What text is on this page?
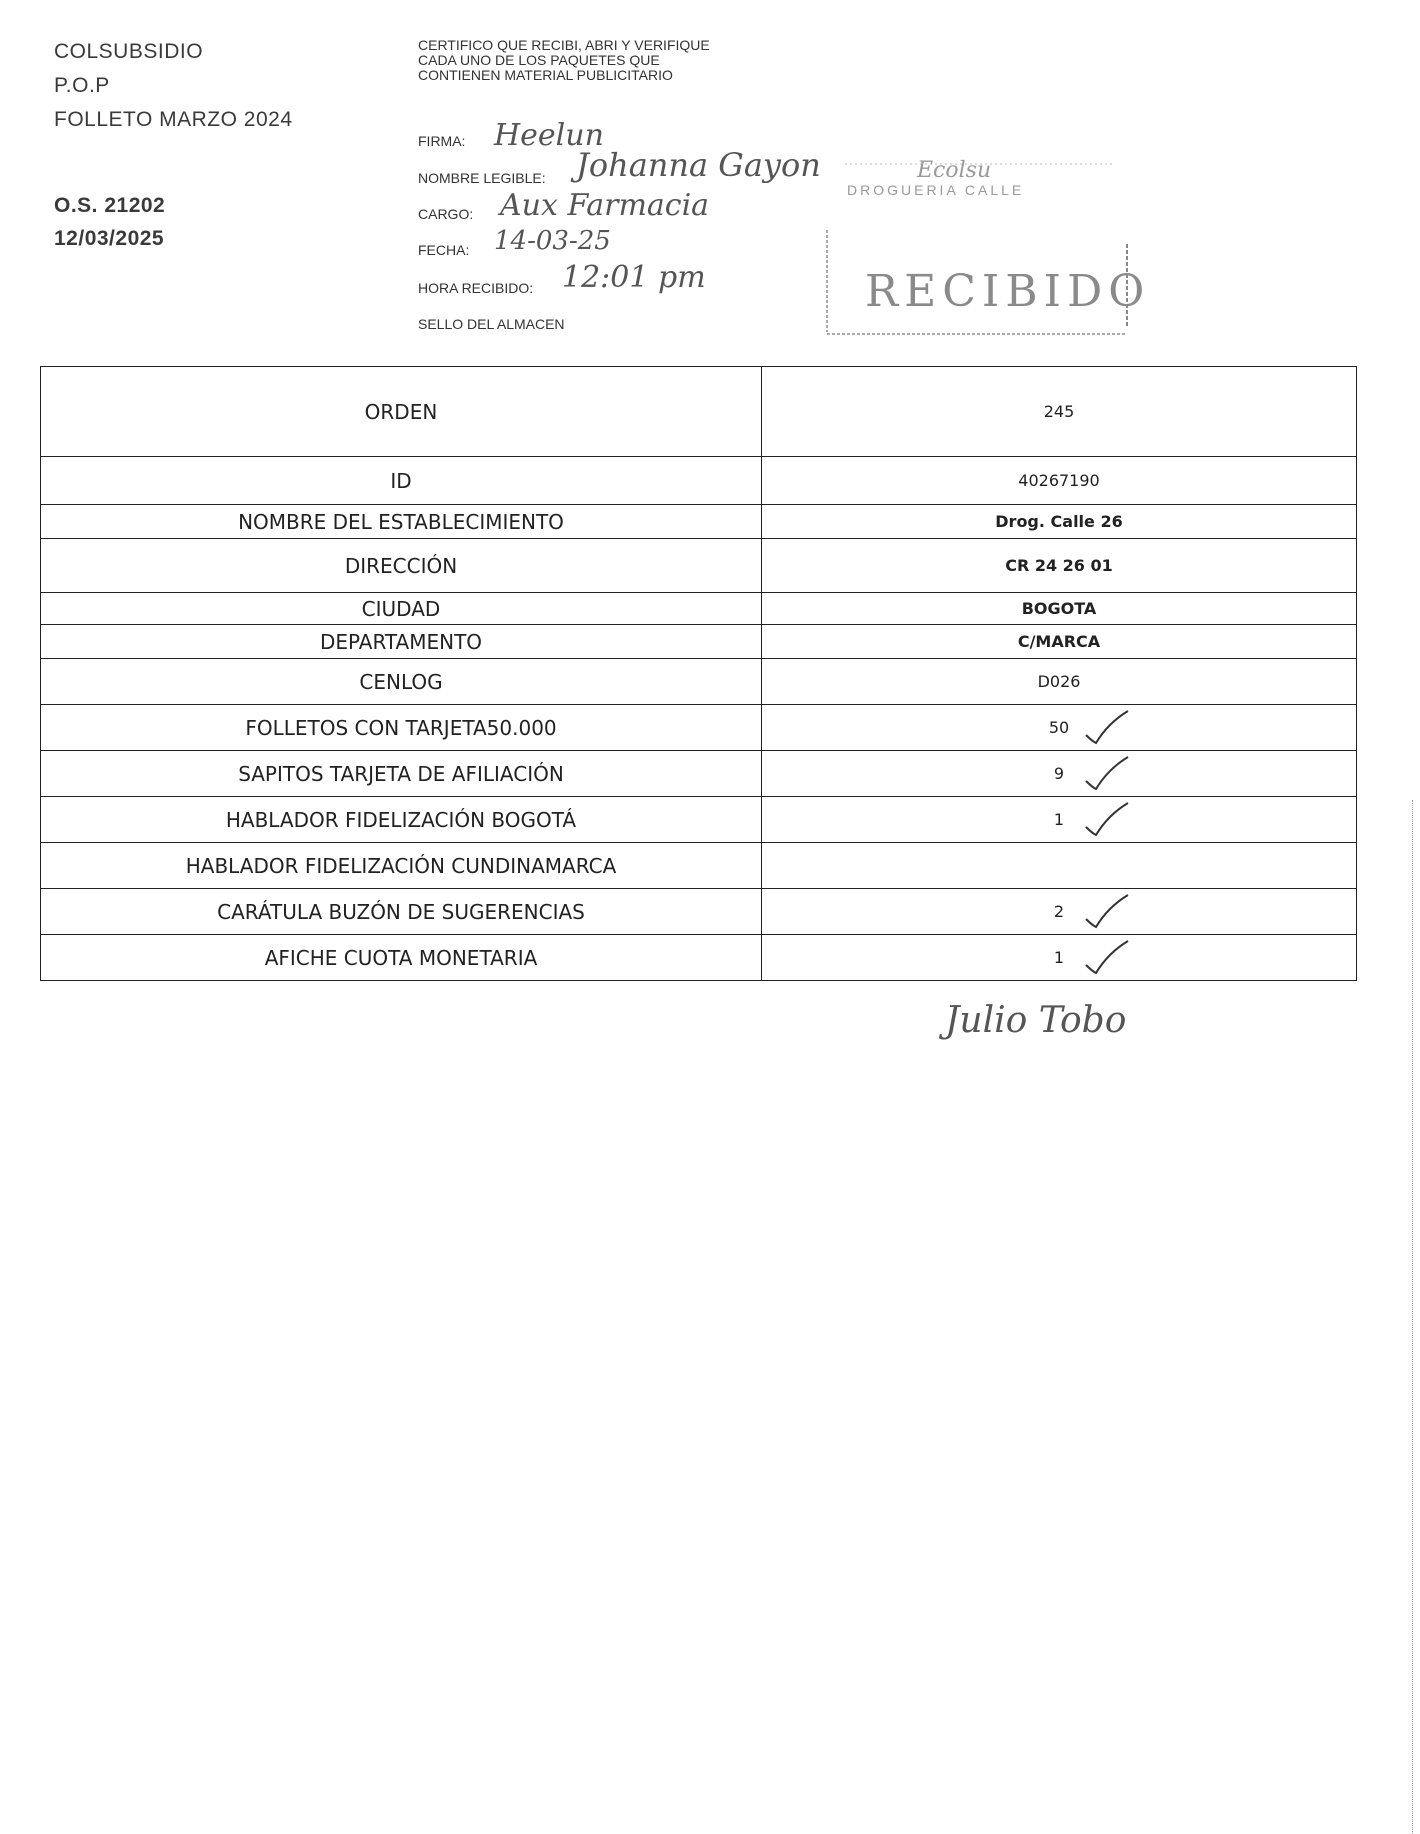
COLSUBSIDIO
P.O.P
FOLLETO MARZO 2024
O.S. 21202
12/03/2025
CERTIFICO QUE RECIBI, ABRI Y VERIFIQUE CADA UNO DE LOS PAQUETES QUE CONTIENEN MATERIAL PUBLICITARIO
FIRMA: Heelun
NOMBRE LEGIBLE: Johanna Gayon
CARGO: Aux Farmacia
FECHA: 14-03-25
HORA RECIBIDO: 12:01 pm
SELLO DEL ALMACEN
Ecolsu
DROGUERIA CALLE
RECIBIDO
ORDEN	245
ID	40267190
NOMBRE DEL ESTABLECIMIENTO	Drog. Calle 26
DIRECCIÓN	CR 24 26 01
CIUDAD	BOGOTA
DEPARTAMENTO	C/MARCA
CENLOG	D026
FOLLETOS CON TARJETA50.000	50

SAPITOS TARJETA DE AFILIACIÓN	9

HABLADOR FIDELIZACIÓN BOGOTÁ	1

HABLADOR FIDELIZACIÓN CUNDINAMARCA	
CARÁTULA BUZÓN DE SUGERENCIAS	2

AFICHE CUOTA MONETARIA	1
Julio Tobo
